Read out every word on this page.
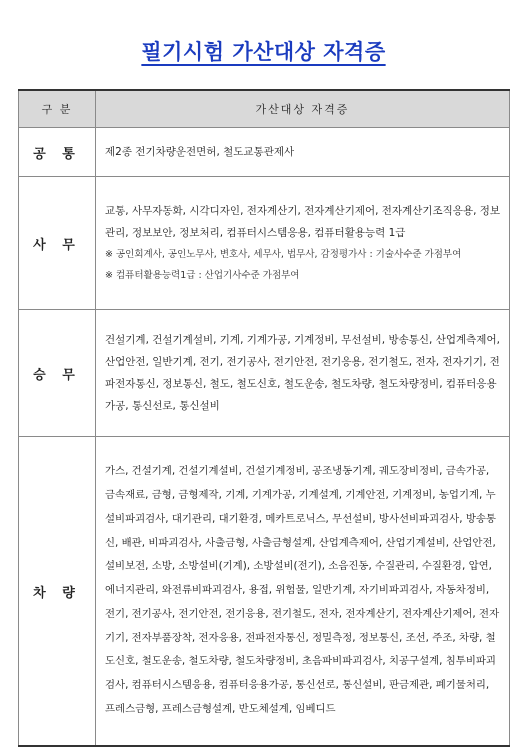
필기시험 가산대상 자격증
구 분	가산대상 자격증
공 통	제2종 전기차량운전면허, 철도교통관제사
사 무	교통, 사무자동화, 시각디자인, 전자계산기, 전자계산기제어, 전자계산기조직응용, 정보관리, 정보보안, 정보처리, 컴퓨터시스템응용, 컴퓨터활용능력 1급
※ 공인회계사, 공인노무사, 변호사, 세무사, 법무사, 감정평가사 : 기술사수준 가점부여
※ 컴퓨터활용능력1급 : 산업기사수준 가점부여

승 무	건설기계, 건설기계설비, 기계, 기계가공, 기계정비, 무선설비, 방송통신, 산업계측제어, 산업안전, 일반기계, 전기, 전기공사, 전기안전, 전기응용, 전기철도, 전자, 전자기기, 전파전자통신, 정보통신, 철도, 철도신호, 철도운송, 철도차량, 철도차량정비, 컴퓨터응용가공, 통신선로, 통신설비

차 량	가스, 건설기계, 건설기계설비, 건설기계정비, 공조냉동기계, 궤도장비정비, 금속가공, 금속재료, 금형, 금형제작, 기계, 기계가공, 기계설계, 기계안전, 기계정비, 농업기계, 누설비파괴검사, 대기관리, 대기환경, 메카트로닉스, 무선설비, 방사선비파괴검사, 방송통신, 배관, 비파괴검사, 사출금형, 사출금형설계, 산업계측제어, 산업기계설비, 산업안전, 설비보전, 소방, 소방설비(기계), 소방설비(전기), 소음진동, 수질관리, 수질환경, 압연, 에너지관리, 와전류비파괴검사, 용접, 위험물, 일반기계, 자기비파괴검사, 자동차정비, 전기, 전기공사, 전기안전, 전기응용, 전기철도, 전자, 전자계산기, 전자계산기제어, 전자기기, 전자부품장착, 전자응용, 전파전자통신, 정밀측정, 정보통신, 조선, 주조, 차량, 철도신호, 철도운송, 철도차량, 철도차량정비, 초음파비파괴검사, 치공구설계, 침투비파괴검사, 컴퓨터시스템응용, 컴퓨터응용가공, 통신선로, 통신설비, 판금제관, 폐기물처리, 프레스금형, 프레스금형설계, 반도체설계, 임베디드
